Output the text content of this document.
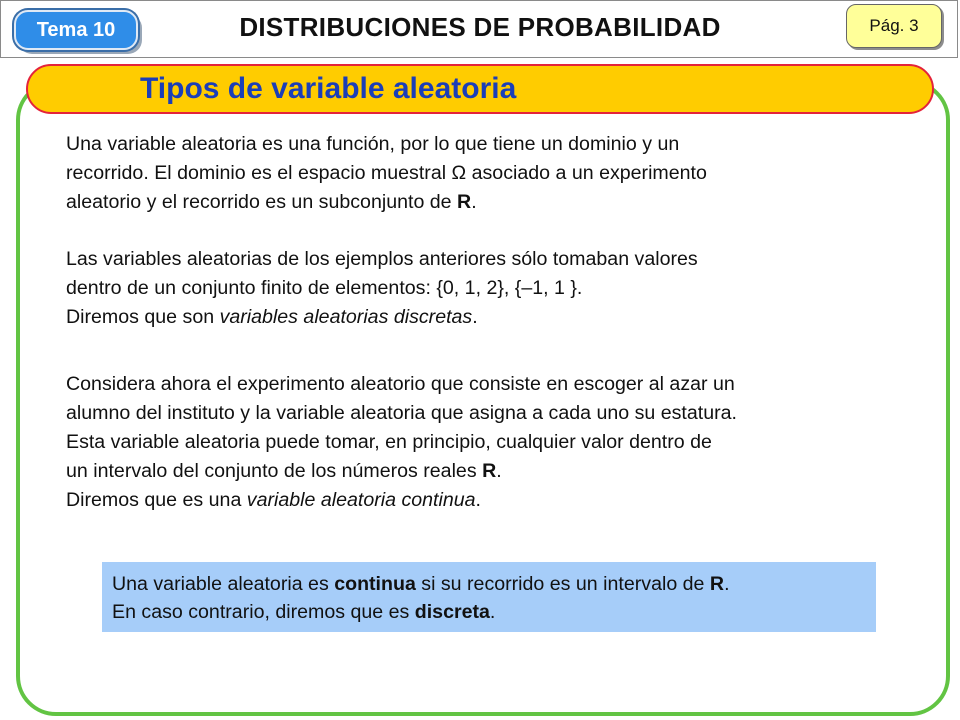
Tema 10	DISTRIBUCIONES DE PROBABILIDAD	Pág. 3
Tipos de variable aleatoria

Una variable aleatoria es una función, por lo que tiene un dominio y un
recorrido. El dominio es el espacio muestral Ω asociado a un experimento
aleatorio y el recorrido es un subconjunto de R.

Las variables aleatorias de los ejemplos anteriores sólo tomaban valores
dentro de un conjunto finito de elementos: {0, 1, 2}, {–1, 1 }.
Diremos que son variables aleatorias discretas.

Considera ahora el experimento aleatorio que consiste en escoger al azar un
alumno del instituto y la variable aleatoria que asigna a cada uno su estatura.
Esta variable aleatoria puede tomar, en principio, cualquier valor dentro de
un intervalo del conjunto de los números reales R.
Diremos que es una variable aleatoria continua.

Una variable aleatoria es continua si su recorrido es un intervalo de R.
En caso contrario, diremos que es discreta.
